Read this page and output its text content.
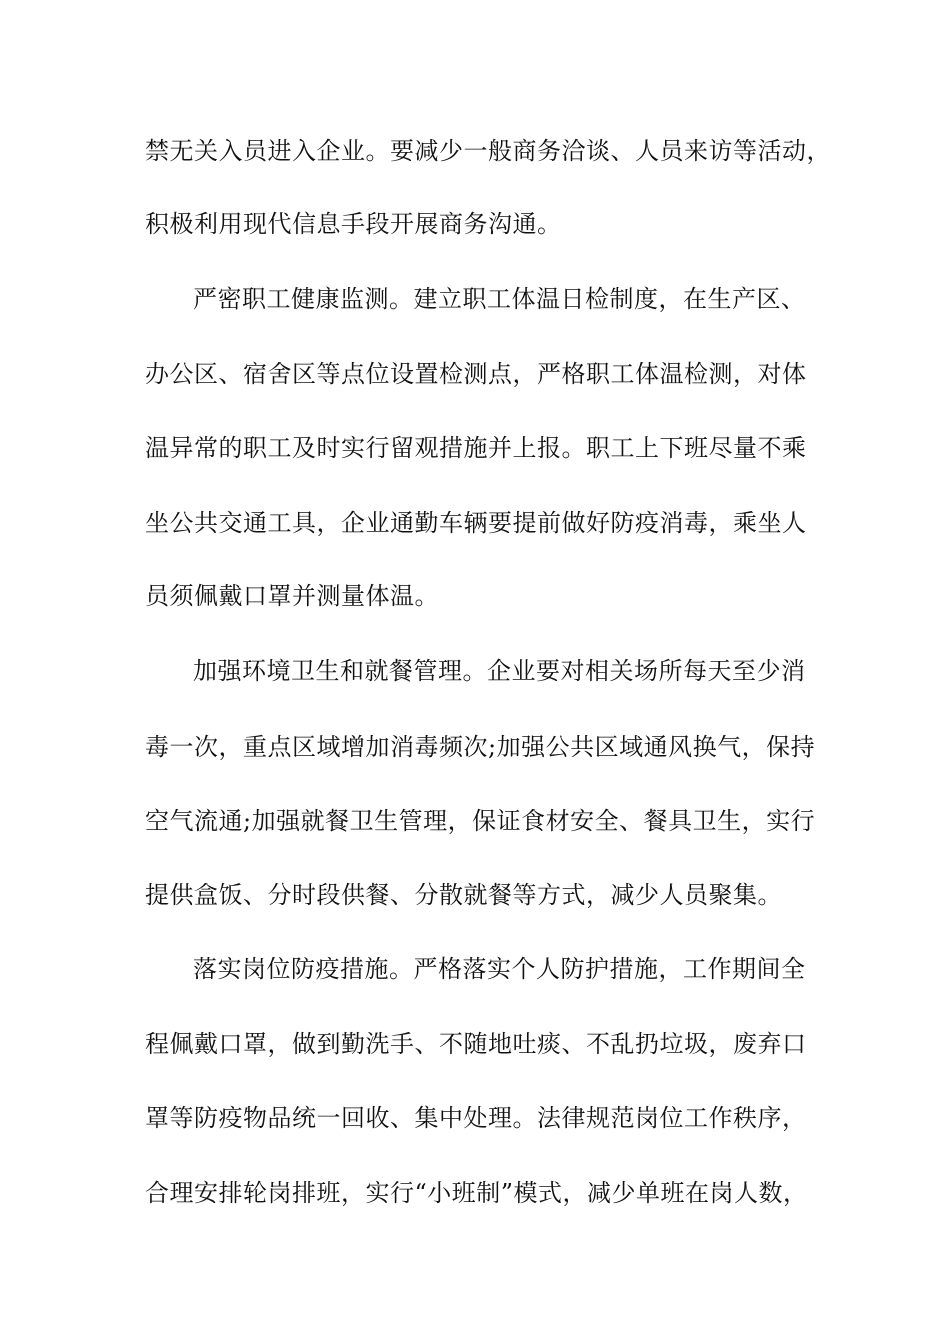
禁无关入员进入企业。要减少一般商务洽谈、人员来访等活动，
积极利用现代信息手段开展商务沟通。
严密职工健康监测。建立职工体温日检制度，在生产区、
办公区、宿舍区等点位设置检测点，严格职工体温检测，对体
温异常的职工及时实行留观措施并上报。职工上下班尽量不乘
坐公共交通工具，企业通勤车辆要提前做好防疫消毒，乘坐人
员须佩戴口罩并测量体温。
加强环境卫生和就餐管理。企业要对相关场所每天至少消
毒一次，重点区域增加消毒频次;加强公共区域通风换气，保持
空气流通;加强就餐卫生管理，保证食材安全、餐具卫生，实行
提供盒饭、分时段供餐、分散就餐等方式，减少人员聚集。
落实岗位防疫措施。严格落实个人防护措施，工作期间全
程佩戴口罩，做到勤洗手、不随地吐痰、不乱扔垃圾，废弃口
罩等防疫物品统一回收、集中处理。法律规范岗位工作秩序，
合理安排轮岗排班，实行“小班制”模式，减少单班在岗人数，
